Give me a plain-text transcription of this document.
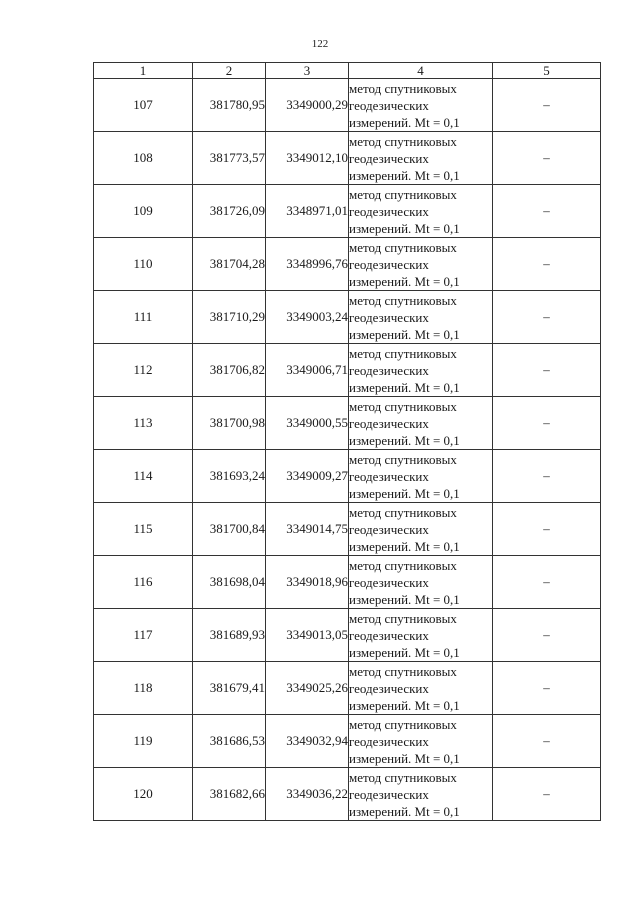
122
1	2	3	4	5
107	381780,95	3349000,29	метод спутниковых
геодезических
измерений. Mt = 0,1	–
108	381773,57	3349012,10	метод спутниковых
геодезических
измерений. Mt = 0,1	–
109	381726,09	3348971,01	метод спутниковых
геодезических
измерений. Mt = 0,1	–
110	381704,28	3348996,76	метод спутниковых
геодезических
измерений. Mt = 0,1	–
111	381710,29	3349003,24	метод спутниковых
геодезических
измерений. Mt = 0,1	–
112	381706,82	3349006,71	метод спутниковых
геодезических
измерений. Mt = 0,1	–
113	381700,98	3349000,55	метод спутниковых
геодезических
измерений. Mt = 0,1	–
114	381693,24	3349009,27	метод спутниковых
геодезических
измерений. Mt = 0,1	–
115	381700,84	3349014,75	метод спутниковых
геодезических
измерений. Mt = 0,1	–
116	381698,04	3349018,96	метод спутниковых
геодезических
измерений. Mt = 0,1	–
117	381689,93	3349013,05	метод спутниковых
геодезических
измерений. Mt = 0,1	–
118	381679,41	3349025,26	метод спутниковых
геодезических
измерений. Mt = 0,1	–
119	381686,53	3349032,94	метод спутниковых
геодезических
измерений. Mt = 0,1	–
120	381682,66	3349036,22	метод спутниковых
геодезических
измерений. Mt = 0,1	–
